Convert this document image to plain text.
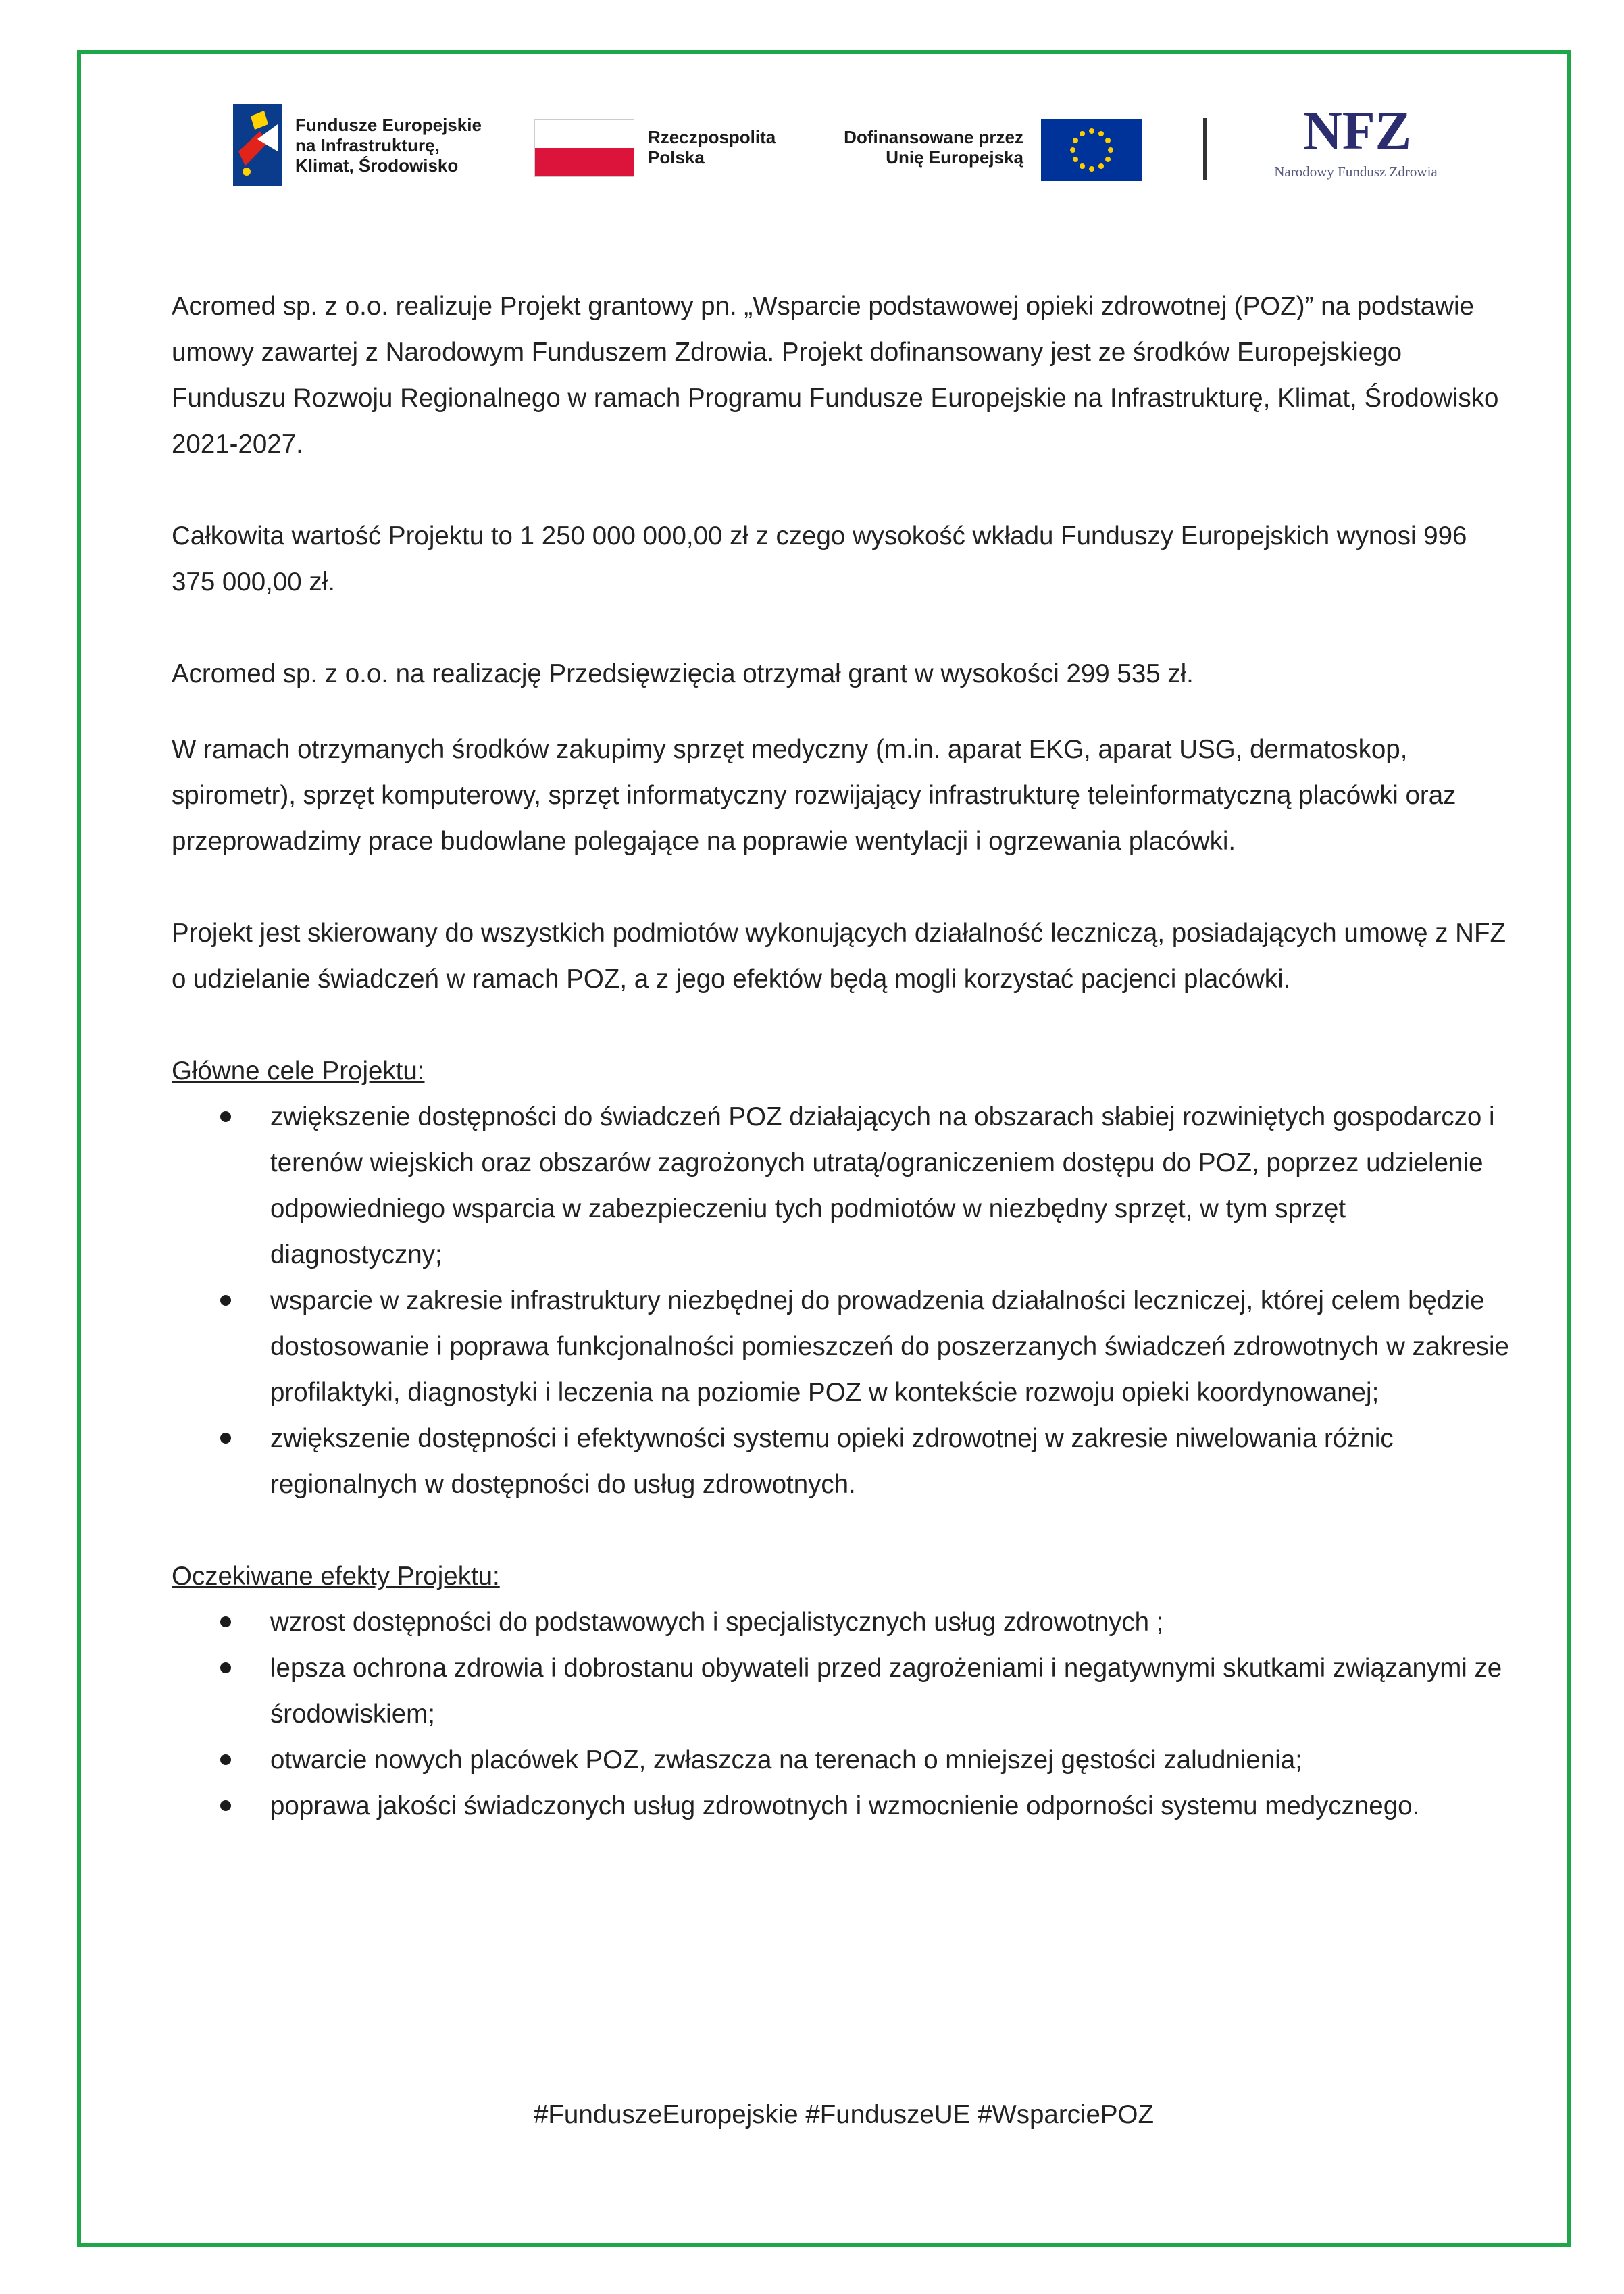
Fundusze Europejskie
na Infrastrukturę,
Klimat, Środowisko
Rzeczpospolita
Polska
Dofinansowane przez
Unię Europejską	NFZ
Narodowy Fundusz Zdrowia

Acromed sp. z o.o. realizuje Projekt grantowy pn. „Wsparcie podstawowej opieki zdrowotnej (POZ)” na podstawie umowy zawartej z Narodowym Funduszem Zdrowia. Projekt dofinansowany jest ze środków Europejskiego Funduszu Rozwoju Regionalnego w ramach Programu Fundusze Europejskie na Infrastrukturę, Klimat, Środowisko 2021-2027.

Całkowita wartość Projektu to 1 250 000 000,00 zł z czego wysokość wkładu Funduszy Europejskich wynosi 996 375 000,00 zł.

Acromed sp. z o.o. na realizację Przedsięwzięcia otrzymał grant w wysokości 299 535 zł.

W ramach otrzymanych środków zakupimy sprzęt medyczny (m.in. aparat EKG, aparat USG, dermatoskop, spirometr), sprzęt komputerowy, sprzęt informatyczny rozwijający infrastrukturę teleinformatyczną placówki oraz przeprowadzimy prace budowlane polegające na poprawie wentylacji i ogrzewania placówki.

Projekt jest skierowany do wszystkich podmiotów wykonujących działalność leczniczą, posiadających umowę z NFZ o udzielanie świadczeń w ramach POZ, a z jego efektów będą mogli korzystać pacjenci placówki.

Główne cele Projektu:

zwiększenie dostępności do świadczeń POZ działających na obszarach słabiej rozwiniętych gospodarczo i terenów wiejskich oraz obszarów zagrożonych utratą/ograniczeniem dostępu do POZ, poprzez udzielenie odpowiedniego wsparcia w zabezpieczeniu tych podmiotów w niezbędny sprzęt, w tym sprzęt diagnostyczny;
wsparcie w zakresie infrastruktury niezbędnej do prowadzenia działalności leczniczej, której celem będzie dostosowanie i poprawa funkcjonalności pomieszczeń do poszerzanych świadczeń zdrowotnych w zakresie profilaktyki, diagnostyki i leczenia na poziomie POZ w kontekście rozwoju opieki koordynowanej;
zwiększenie dostępności i efektywności systemu opieki zdrowotnej w zakresie niwelowania różnic regionalnych w dostępności do usług zdrowotnych.

Oczekiwane efekty Projektu:

wzrost dostępności do podstawowych i specjalistycznych usług zdrowotnych ;
lepsza ochrona zdrowia i dobrostanu obywateli przed zagrożeniami i negatywnymi skutkami związanymi ze środowiskiem;
otwarcie nowych placówek POZ, zwłaszcza na terenach o mniejszej gęstości zaludnienia;
poprawa jakości świadczonych usług zdrowotnych i wzmocnienie odporności systemu medycznego.
#FunduszeEuropejskie #FunduszeUE #WsparciePOZ
